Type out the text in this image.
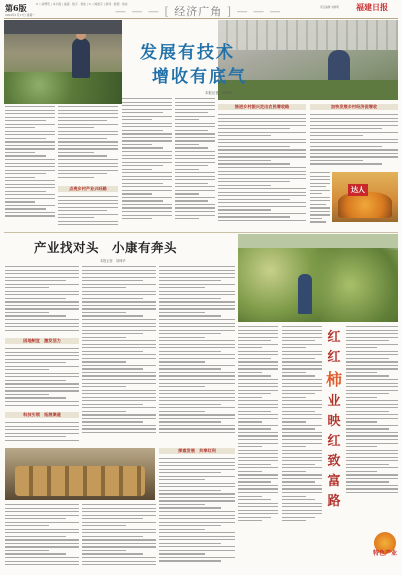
第6版	X 八闽博览 | 本书阁 | 福建 · 数字 · 智能 | X 八闽数字 | 新闻 · 数据 · 地标
2022年1月17日 星期一	— — — [ 经济广角 ] — — —	责任编辑 刘晓明 福建日报
发展有技术
增收有底气
本报记者　刘坤华
点亮乡村产业兴旺路
推进乡村振兴走出农民增收路	加快发展乡村经济促增收
达人
产业找对头　小康有奔头
本报记者　刘坤华
因地制宜　激发活力
科技引领　拓展渠道
红
红
柿
业
映
红
致
富
路
特色产业
探索发展　共享红利
